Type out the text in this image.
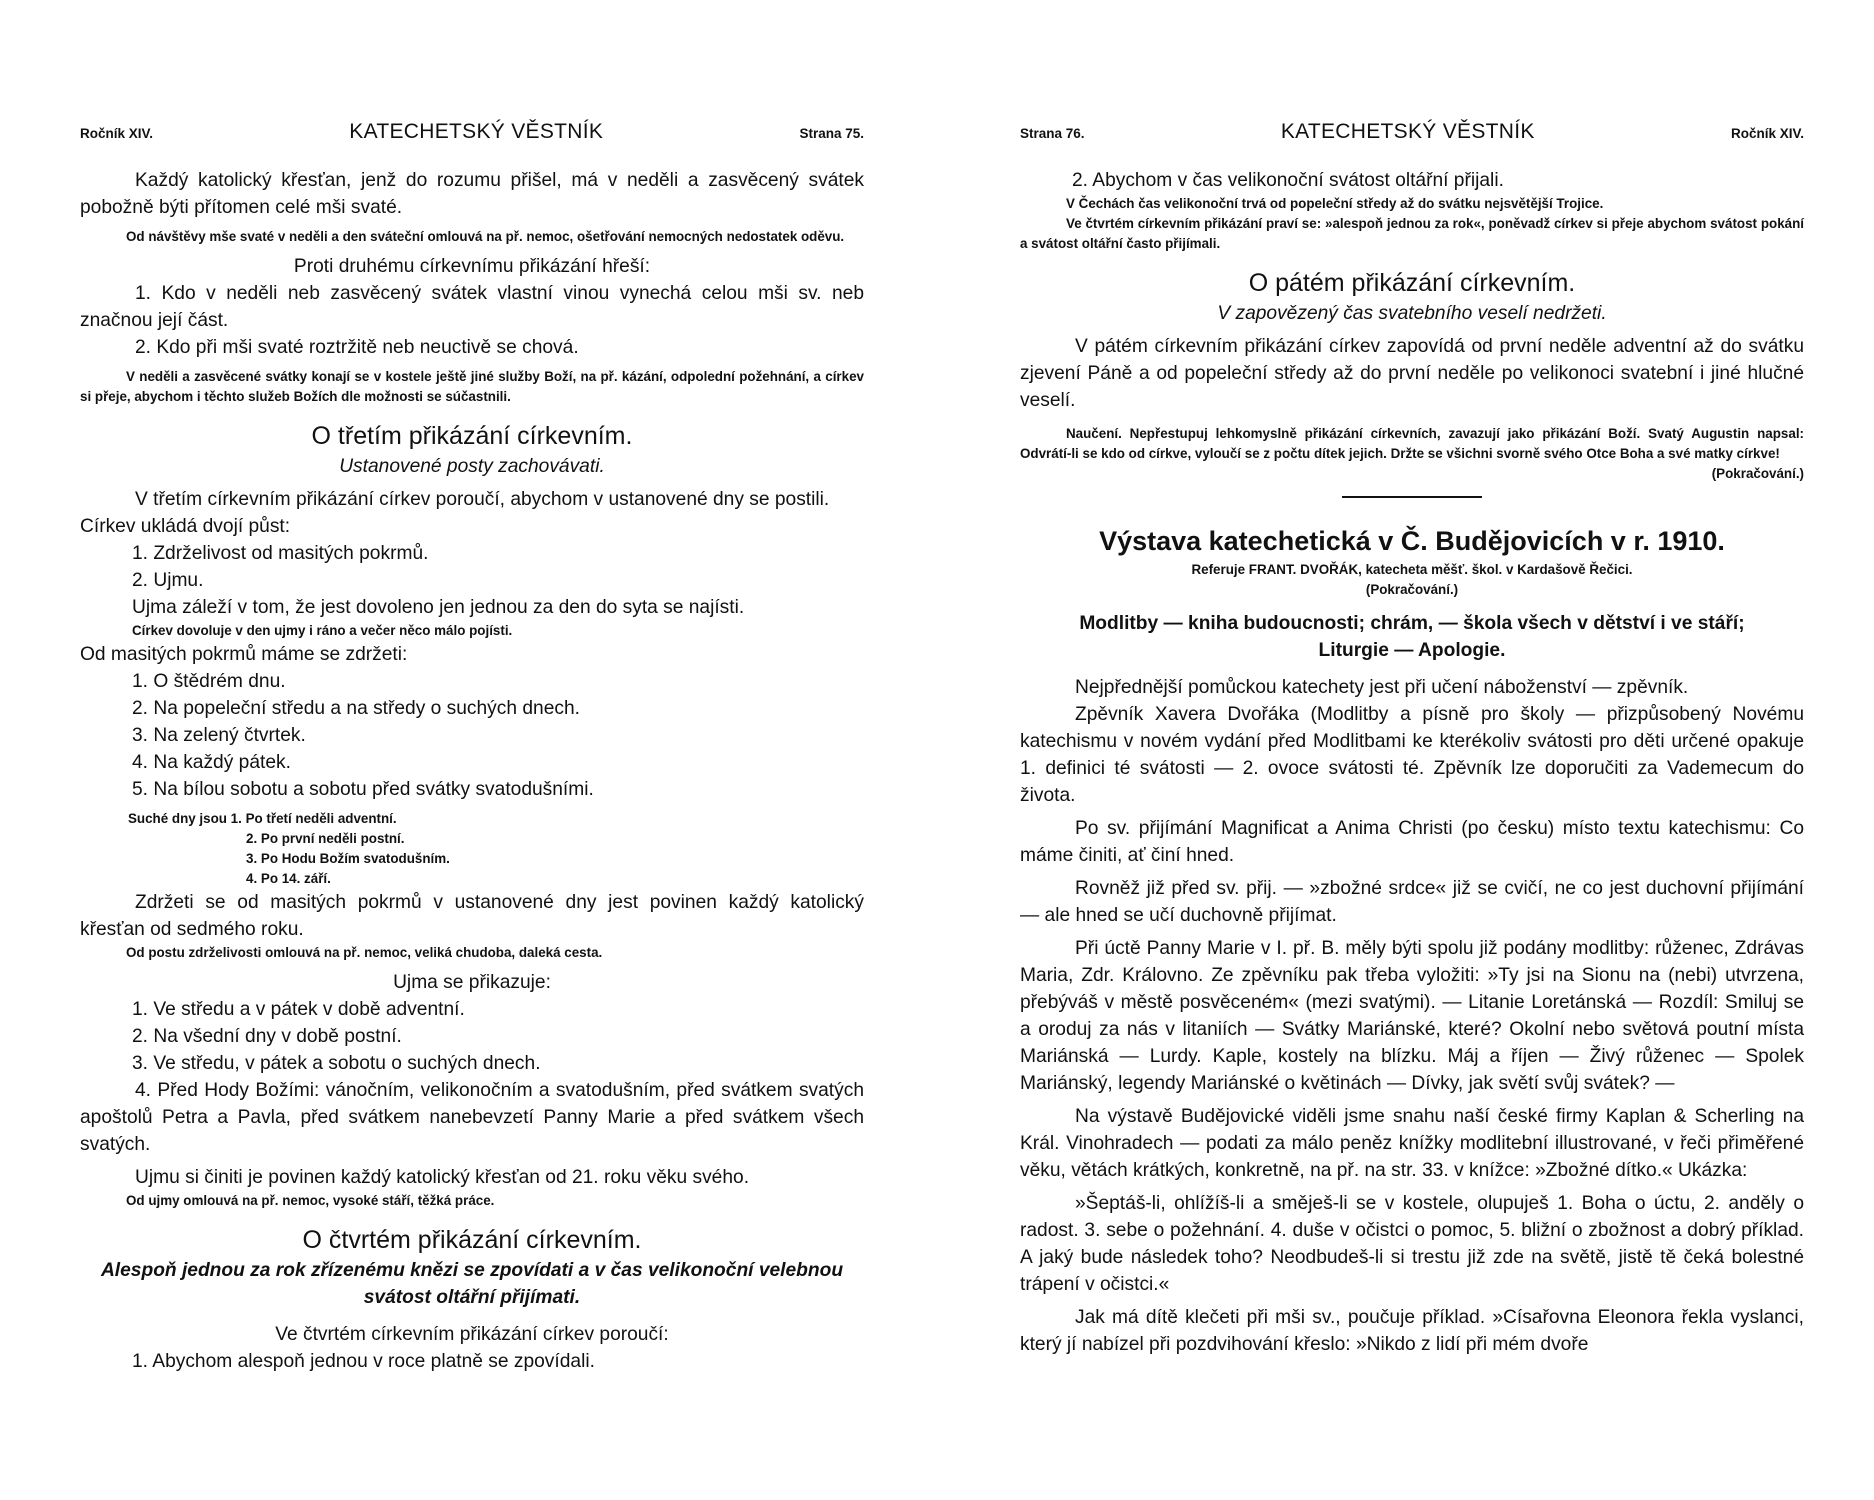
Ročník XIV.	KATECHETSKÝ VĚSTNÍK	Strana 75.

Každý katolický křesťan, jenž do rozumu přišel, má v neděli a zasvěcený svátek pobožně býti přítomen celé mši svaté.

Od návštěvy mše svaté v neděli a den sváteční omlouvá na př. nemoc, ošetřování nemocných nedostatek oděvu.

Proti druhému církevnímu přikázání hřeší:

1. Kdo v neděli neb zasvěcený svátek vlastní vinou vynechá celou mši sv. neb značnou její část.

2. Kdo při mši svaté roztržitě neb neuctivě se chová.

V neděli a zasvěcené svátky konají se v kostele ještě jiné služby Boží, na př. kázání, odpolední požehnání, a církev si přeje, abychom i těchto služeb Božích dle možnosti se súčastnili.

O třetím přikázání církevním.

Ustanovené posty zachovávati.

V třetím církevním přikázání církev poroučí, abychom v ustanovené dny se postili.

Církev ukládá dvojí půst:

1. Zdrželivost od masitých pokrmů.

2. Ujmu.

Ujma záleží v tom, že jest dovoleno jen jednou za den do syta se najísti.

Církev dovoluje v den ujmy i ráno a večer něco málo pojísti.

Od masitých pokrmů máme se zdržeti:

1. O štědrém dnu.

2. Na popeleční středu a na středy o suchých dnech.

3. Na zelený čtvrtek.

4. Na každý pátek.

5. Na bílou sobotu a sobotu před svátky svatodušními.

Suché dny jsou 1. Po třetí neděli adventní.

2. Po první neděli postní.

3. Po Hodu Božím svatodušním.

4. Po 14. září.

Zdržeti se od masitých pokrmů v ustanovené dny jest povinen každý katolický křesťan od sedmého roku.

Od postu zdrželivosti omlouvá na př. nemoc, veliká chudoba, daleká cesta.

Ujma se přikazuje:

1. Ve středu a v pátek v době adventní.

2. Na všední dny v době postní.

3. Ve středu, v pátek a sobotu o suchých dnech.

4. Před Hody Božími: vánočním, velikonočním a svatodušním, před svátkem svatých apoštolů Petra a Pavla, před svátkem nanebevzetí Panny Marie a před svátkem všech svatých.

Ujmu si činiti je povinen každý katolický křesťan od 21. roku věku svého.

Od ujmy omlouvá na př. nemoc, vysoké stáří, těžká práce.

O čtvrtém přikázání církevním.

Alespoň jednou za rok zřízenému knězi se zpovídati a v čas velikonoční velebnou svátost oltářní přijímati.

Ve čtvrtém církevním přikázání církev poroučí:

1. Abychom alespoň jednou v roce platně se zpovídali.

Strana 76.	KATECHETSKÝ VĚSTNÍK	Ročník XIV.

2. Abychom v čas velikonoční svátost oltářní přijali.

V Čechách čas velikonoční trvá od popeleční středy až do svátku nejsvětější Trojice.

Ve čtvrtém církevním přikázání praví se: »alespoň jednou za rok«, poněvadž církev si přeje abychom svátost pokání a svátost oltářní často přijímali.

O pátém přikázání církevním.

V zapovězený čas svatebního veselí nedržeti.

V pátém církevním přikázání církev zapovídá od první neděle adventní až do svátku zjevení Páně a od popeleční středy až do první neděle po velikonoci svatební i jiné hlučné veselí.

Naučení. Nepřestupuj lehkomyslně přikázání církevních, zavazují jako přikázání Boží. Svatý Augustin napsal: Odvrátí-li se kdo od církve, vyloučí se z počtu dítek jejich. Držte se všichni svorně svého Otce Boha a své matky církve!

(Pokračování.)

Výstava katechetická v Č. Budějovicích v r. 1910.

Referuje FRANT. DVOŘÁK, katecheta měšť. škol. v Kardašově Řečici.

(Pokračování.)

Modlitby — kniha budoucnosti; chrám, — škola všech v dětství i ve stáří;

Liturgie — Apologie.

Nejpřednější pomůckou katechety jest při učení náboženství — zpěvník.

Zpěvník Xavera Dvořáka (Modlitby a písně pro školy — přizpůsobený Novému katechismu v novém vydání před Modlitbami ke kterékoliv svátosti pro děti určené opakuje 1. definici té svátosti — 2. ovoce svátosti té. Zpěvník lze doporučiti za Vademecum do života.

Po sv. přijímání Magnificat a Anima Christi (po česku) místo textu katechismu: Co máme činiti, ať činí hned.

Rovněž již před sv. přij. — »zbožné srdce« již se cvičí, ne co jest duchovní přijímání — ale hned se učí duchovně přijímat.

Při úctě Panny Marie v I. př. B. měly býti spolu již podány modlitby: růženec, Zdrávas Maria, Zdr. Královno. Ze zpěvníku pak třeba vyložiti: »Ty jsi na Sionu na (nebi) utvrzena, přebýváš v městě posvěceném« (mezi svatými). — Litanie Loretánská — Rozdíl: Smiluj se a oroduj za nás v litaniích — Svátky Mariánské, které? Okolní nebo světová poutní místa Mariánská — Lurdy. Kaple, kostely na blízku. Máj a říjen — Živý růženec — Spolek Mariánský, legendy Mariánské o květinách — Dívky, jak světí svůj svátek? —

Na výstavě Budějovické viděli jsme snahu naší české firmy Kaplan & Scherling na Král. Vinohradech — podati za málo peněz knížky modlitební illustrované, v řeči přiměřené věku, větách krátkých, konkretně, na př. na str. 33. v knížce: »Zbožné dítko.« Ukázka:

»Šeptáš-li, ohlížíš-li a směješ-li se v kostele, olupuješ 1. Boha o úctu, 2. anděly o radost. 3. sebe o požehnání. 4. duše v očistci o pomoc, 5. bližní o zbožnost a dobrý příklad. A jaký bude následek toho? Neodbudeš-li si trestu již zde na světě, jistě tě čeká bolestné trápení v očistci.«

Jak má dítě klečeti při mši sv., poučuje příklad. »Císařovna Eleonora řekla vyslanci, který jí nabízel při pozdvihování křeslo: »Nikdo z lidí při mém dvoře
